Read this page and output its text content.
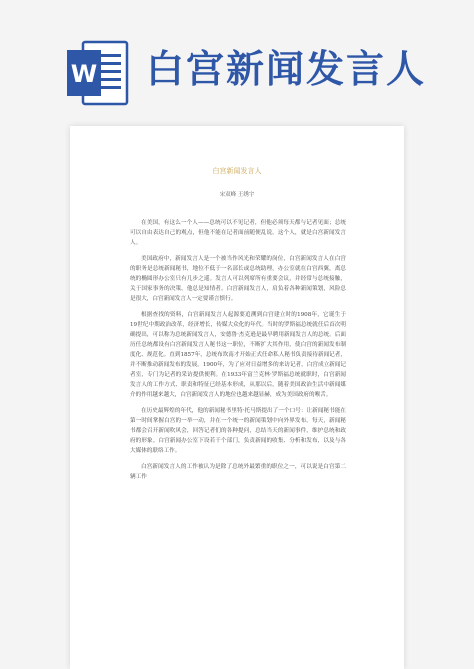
W 白宫新闻发言人
白宫新闻发言人
宋双峰 王绣宇

在美国，有这么一个人——总统可以不见记者，但他必须每天都与记者见面；总统可以自由表达自己的观点，但他不能在记者面前随便乱说。这个人，就是白宫新闻发言人。

美国政府中，新闻发言人是一个被当作风光和荣耀的岗位，白宫新闻发言人在白宫的职务是总统新闻秘书，地位不低于一名部长或总统助理，办公室就在白宫西翼，离总统的椭圆形办公室只有几步之遥。发言人可以列席所有重要会议，并经常与总统接触，关于国家事务的决策，他总是知情者。白宫新闻发言人，肩负着各种新闻策划，风险总是很大，白宫新闻发言人一定要谨言慎行。

根据查找的资料，白宫新闻发言人起源要追溯到白宫建立时的1908年，它诞生于19世纪中期政治改革，经济增长，传媒大众化的年代。当时的罗斯福总统就任后首次明确提出，可以称为总统新闻发言人，安德鲁·杰克逊是最早聘用新闻发言人的总统。后面历任总统都设有白宫新闻发言人秘书这一职位，不断扩大其作用，使白宫的新闻发布制度化、规范化。直到1857年，总统布坎南才开始正式任命私人秘书负责接待新闻记者，并不断推动新闻发布的发展。1900年，为了应对日益增多的来访记者，白宫成立新闻记者室，专门为记者的采访提供便利。在1933年富兰克林·罗斯福总统就职时，白宫新闻发言人的工作方式、职责和特征已经基本形成，从那以后，随着美国政治生活中新闻媒介的作用越来越大，白宫新闻发言人的地位也越来越显赫，成为美国政府的喉舌。

在历史最辉煌的年代，他的新闻秘书里特·托马斯提出了一个口号：让新闻秘书能在第一时间掌握白宫的一举一动，并在一个统一的新闻策划中向外界发布。每天，新闻秘书都会召开新闻吹风会，回答记者们的各种提问，总结当天的新闻事件，维护总统和政府的形象。白宫新闻办公室下设若干个部门，负责新闻的收集、分析和发布，以及与各大媒体的联络工作。

白宫新闻发言人的工作被认为是除了总统外最繁重的职位之一，可以说是白宫第二辆工作
